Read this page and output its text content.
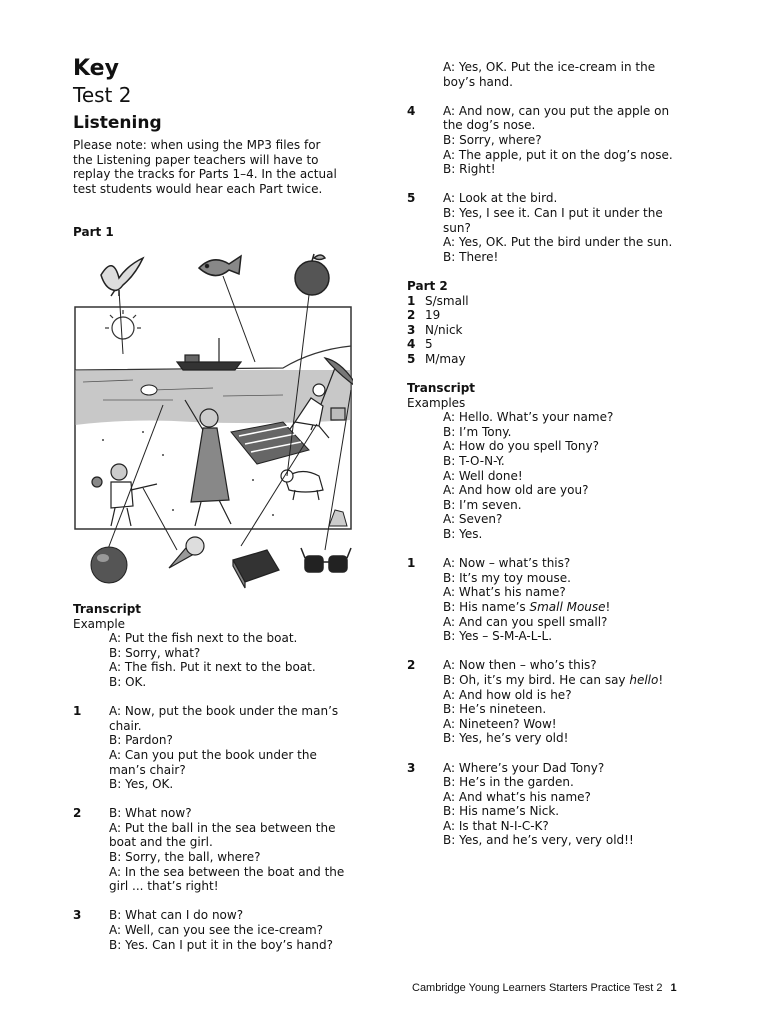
Key
Test 2
Listening
Please note: when using the MP3 files for
the Listening paper teachers will have to
replay the tracks for Parts 1–4. In the actual
test students would hear each Part twice.
Part 1
Transcript
Example
A: Put the fish next to the boat.
B: Sorry, what?
A: The fish. Put it next to the boat.
B: OK.
1 A: Now, put the book under the man’s
chair.
B: Pardon?
A: Can you put the book under the
man’s chair?
B: Yes, OK.
2 B: What now?
A: Put the ball in the sea between the
boat and the girl.
B: Sorry, the ball, where?
A: In the sea between the boat and the
girl ... that’s right!
3 B: What can I do now?
A: Well, can you see the ice-cream?
B: Yes. Can I put it in the boy’s hand?
A: Yes, OK. Put the ice-cream in the
boy’s hand.
4 A: And now, can you put the apple on
the dog’s nose.
B: Sorry, where?
A: The apple, put it on the dog’s nose.
B: Right!
5 A: Look at the bird.
B: Yes, I see it. Can I put it under the
sun?
A: Yes, OK. Put the bird under the sun.
B: There!
Part 2
1 S/small
2 19
3 N/nick
4 5
5 M/may
Transcript
Examples
A: Hello. What’s your name?
B: I’m Tony.
A: How do you spell Tony?
B: T-O-N-Y.
A: Well done!
A: And how old are you?
B: I’m seven.
A: Seven?
B: Yes.
1 A: Now – what’s this?
B: It’s my toy mouse.
A: What’s his name?
B: His name’s Small Mouse!
A: And can you spell small?
B: Yes – S-M-A-L-L.
2 A: Now then – who’s this?
B: Oh, it’s my bird. He can say hello!
A: And how old is he?
B: He’s nineteen.
A: Nineteen? Wow!
B: Yes, he’s very old!
3 A: Where’s your Dad Tony?
B: He’s in the garden.
A: And what’s his name?
B: His name’s Nick.
A: Is that N-I-C-K?
B: Yes, and he’s very, very old!!
Cambridge Young Learners Starters Practice Test 2 1
